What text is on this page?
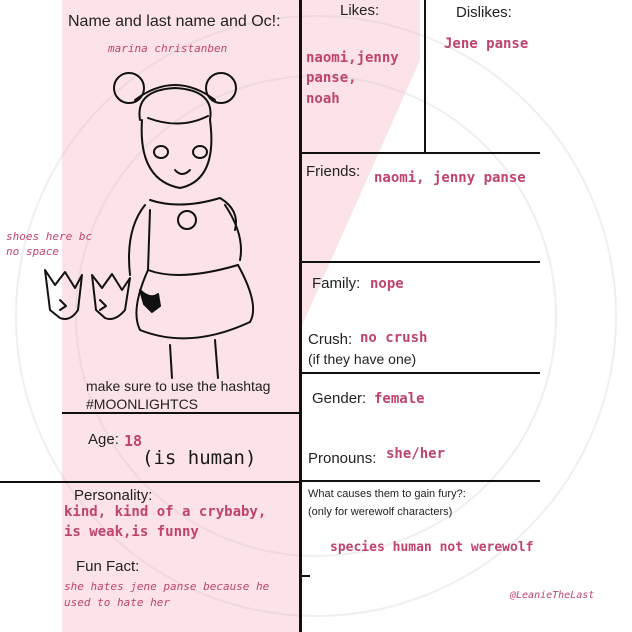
Name and last name and Oc!:
marina christanben
shoes here bc
no space
make sure to use the hashtag
#MOONLIGHTCS
Age: 18
(is human)
Personality:
kind, kind of a crybaby,
is weak,is funny
Fun Fact:
she hates jene panse because he
used to hate her
Likes:
naomi,jenny
panse,
noah
Dislikes:
Jene panse
Friends: naomi, jenny panse
Family: nope
Crush: no crush
(if they have one)
Gender: female
Pronouns: she/her
What causes them to gain fury?:
(only for werewolf characters)
species human not werewolf
@LeanieTheLast
